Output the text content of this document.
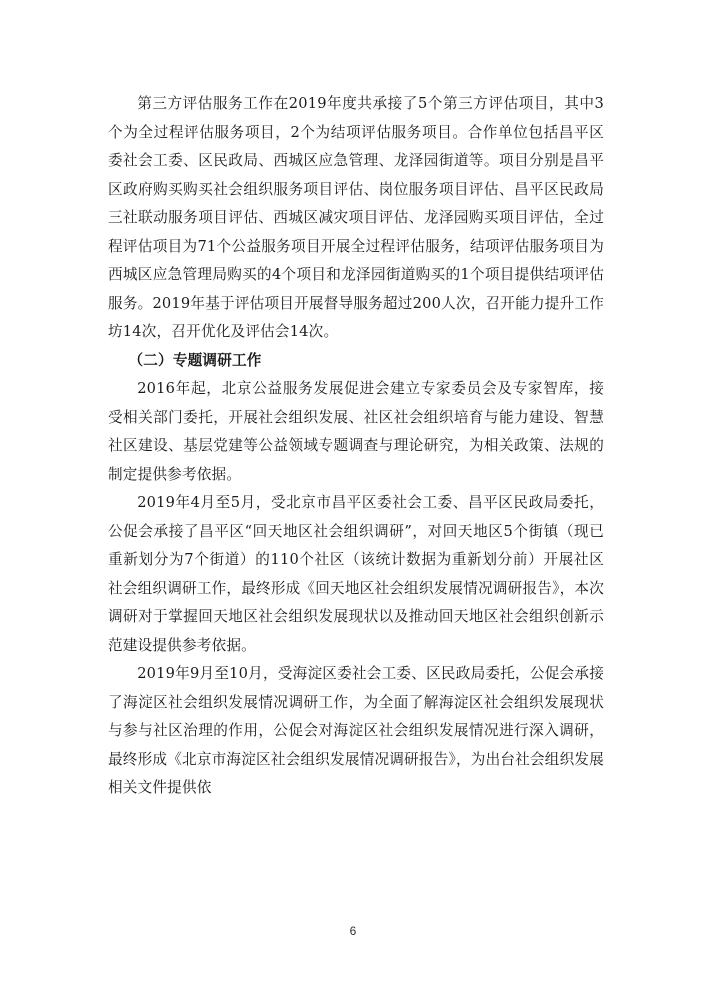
第三方评估服务工作在2019年度共承接了5个第三方评估项目，其中3个为全过程评估服务项目，2个为结项评估服务项目。合作单位包括昌平区委社会工委、区民政局、西城区应急管理、龙泽园街道等。项目分别是昌平区政府购买购买社会组织服务项目评估、岗位服务项目评估、昌平区民政局三社联动服务项目评估、西城区减灾项目评估、龙泽园购买项目评估，全过程评估项目为71个公益服务项目开展全过程评估服务，结项评估服务项目为西城区应急管理局购买的4个项目和龙泽园街道购买的1个项目提供结项评估服务。2019年基于评估项目开展督导服务超过200人次，召开能力提升工作坊14次，召开优化及评估会14次。

（二）专题调研工作

2016年起，北京公益服务发展促进会建立专家委员会及专家智库，接受相关部门委托，开展社会组织发展、社区社会组织培育与能力建设、智慧社区建设、基层党建等公益领域专题调查与理论研究，为相关政策、法规的制定提供参考依据。

2019年4月至5月，受北京市昌平区委社会工委、昌平区民政局委托，公促会承接了昌平区“回天地区社会组织调研”，对回天地区5个街镇（现已重新划分为7个街道）的110个社区（该统计数据为重新划分前）开展社区社会组织调研工作，最终形成《回天地区社会组织发展情况调研报告》，本次调研对于掌握回天地区社会组织发展现状以及推动回天地区社会组织创新示范建设提供参考依据。

2019年9月至10月，受海淀区委社会工委、区民政局委托，公促会承接了海淀区社会组织发展情况调研工作，为全面了解海淀区社会组织发展现状与参与社区治理的作用，公促会对海淀区社会组织发展情况进行深入调研，最终形成《北京市海淀区社会组织发展情况调研报告》，为出台社会组织发展相关文件提供依

6
